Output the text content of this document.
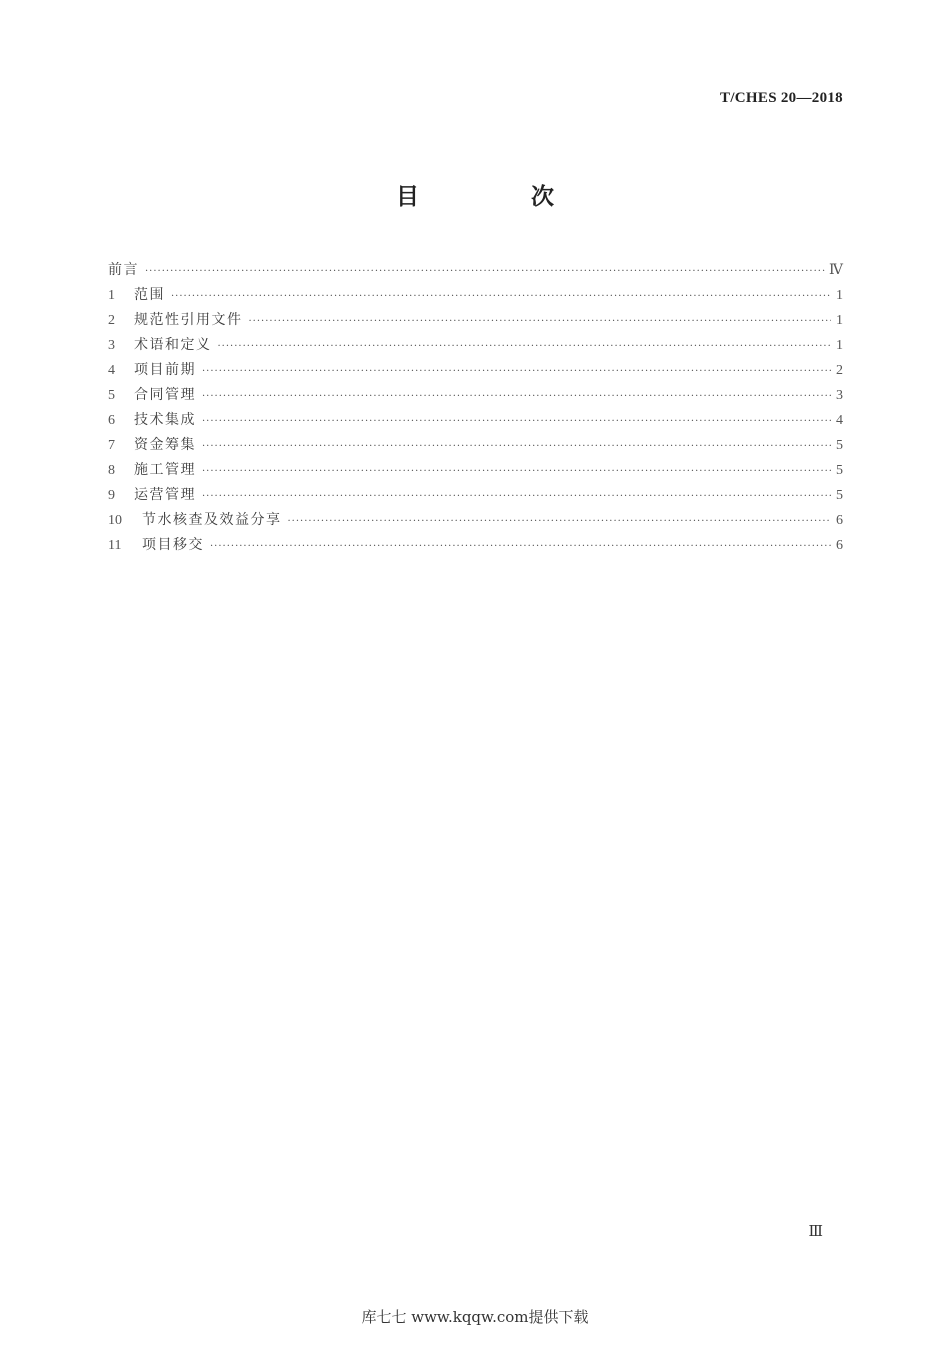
T/CHES 20—2018
目 次
前言 ·····	Ⅳ
1	范围 ·····	1
2	规范性引用文件 ·····	1
3	术语和定义 ·····	1
4	项目前期 ·····	2
5	合同管理 ·····	3
6	技术集成 ·····	4
7	资金筹集 ·····	5
8	施工管理 ·····	5
9	运营管理 ·····	5
10	节水核查及效益分享 ·····	6
11	项目移交 ·····	6
Ⅲ
库七七 www.kqqw.com提供下载
